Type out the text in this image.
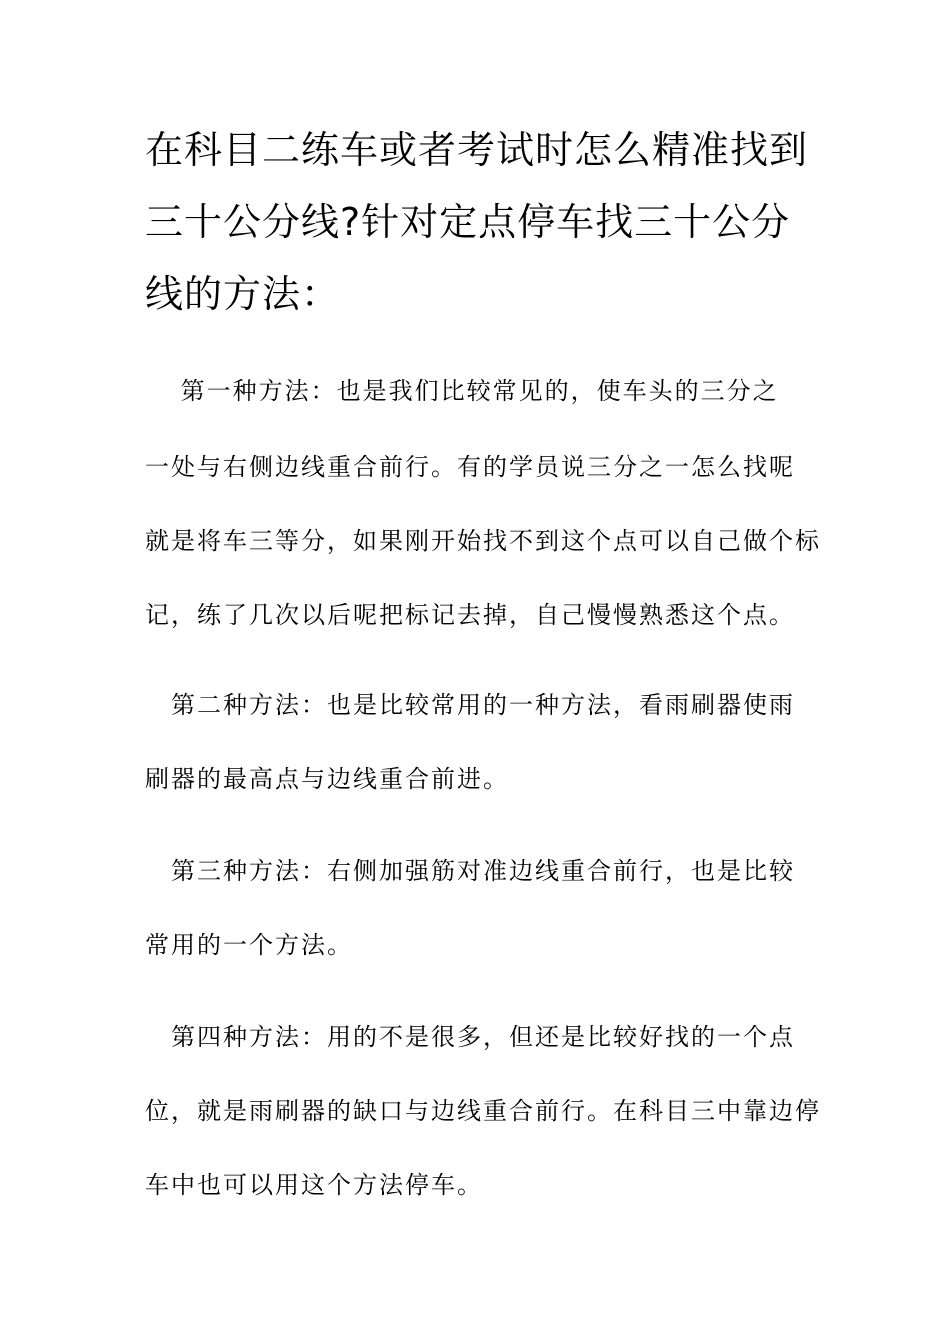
在科目二练车或者考试时怎么精准找到
三十公分线?针对定点停车找三十公分
线的方法：
　 第一种方法：也是我们比较常见的，使车头的三分之
一处与右侧边线重合前行。有的学员说三分之一怎么找呢
就是将车三等分，如果刚开始找不到这个点可以自己做个标
记，练了几次以后呢把标记去掉，自己慢慢熟悉这个点。
　第二种方法：也是比较常用的一种方法，看雨刷器使雨
刷器的最高点与边线重合前进。
　第三种方法：右侧加强筋对准边线重合前行，也是比较
常用的一个方法。
　第四种方法：用的不是很多，但还是比较好找的一个点
位，就是雨刷器的缺口与边线重合前行。在科目三中靠边停
车中也可以用这个方法停车。
